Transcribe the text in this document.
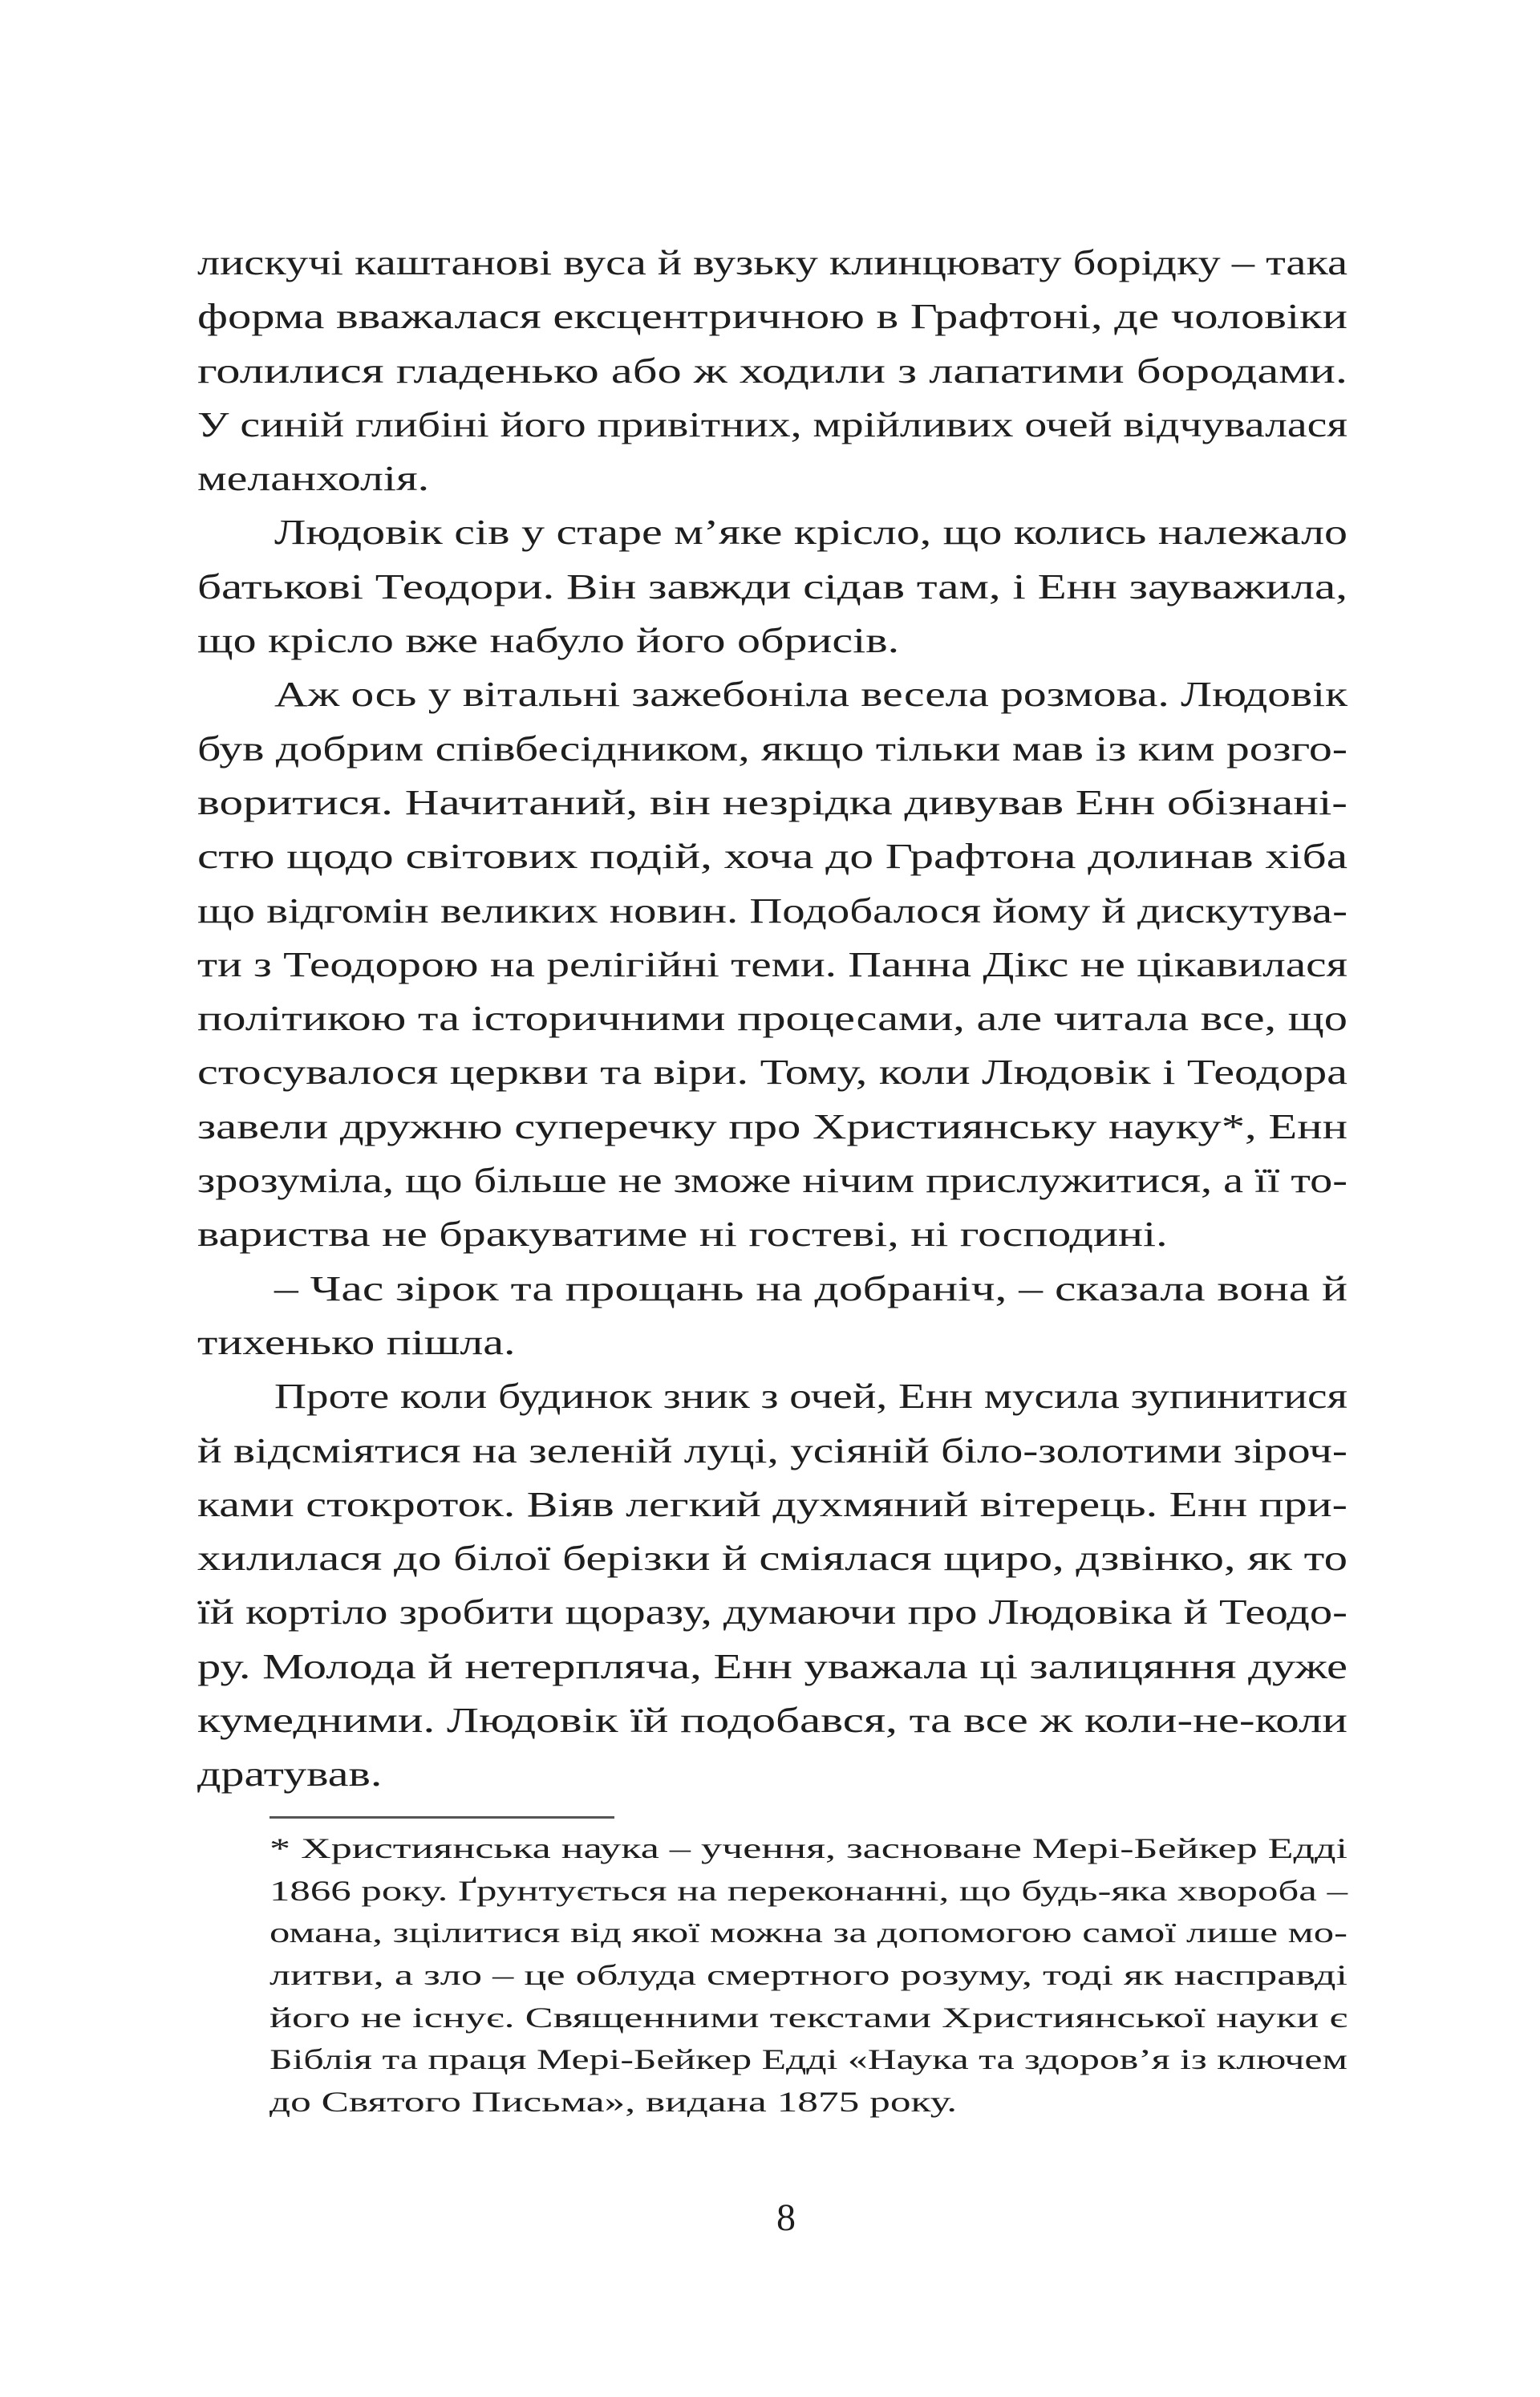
лискучі каштанові вуса й вузьку клинцювату борідку – така
форма вважалася ексцентричною в Графтоні, де чоловіки
голилися гладенько або ж ходили з лапатими бородами.
У синій глибіні його привітних, мрійливих очей відчувалася
меланхолія.
Людовік сів у старе м’яке крісло, що колись належало
батькові Теодори. Він завжди сідав там, і Енн зауважила,
що крісло вже набуло його обрисів.
Аж ось у вітальні зажебоніла весела розмова. Людовік
був добрим співбесідником, якщо тільки мав із ким розго-
воритися. Начитаний, він незрідка дивував Енн обізнані-
стю щодо світових подій, хоча до Графтона долинав хіба
що відгомін великих новин. Подобалося йому й дискутува-
ти з Теодорою на релігійні теми. Панна Дікс не цікавилася
політикою та історичними процесами, але читала все, що
стосувалося церкви та віри. Тому, коли Людовік і Теодора
завели дружню суперечку про Християнську науку*, Енн
зрозуміла, що більше не зможе нічим прислужитися, а її то-
вариства не бракуватиме ні гостеві, ні господині.
– Час зірок та прощань на добраніч, – сказала вона й
тихенько пішла.
Проте коли будинок зник з очей, Енн мусила зупинитися
й відсміятися на зеленій луці, усіяній біло-золотими зіроч-
ками стокроток. Віяв легкий духмяний вітерець. Енн при-
хилилася до білої берізки й сміялася щиро, дзвінко, як то
їй кортіло зробити щоразу, думаючи про Людовіка й Теодо-
ру. Молода й нетерпляча, Енн уважала ці залицяння дуже
кумедними. Людовік їй подобався, та все ж коли-не-коли
дратував.
* Християнська наука – учення, засноване Мері-Бейкер Едді
1866 року. Ґрунтується на переконанні, що будь-яка хвороба –
омана, зцілитися від якої можна за допомогою самої лише мо-
литви, а зло – це облуда смертного розуму, тоді як насправді
його не існує. Священними текстами Християнської науки є
Біблія та праця Мері-Бейкер Едді «Наука та здоров’я із ключем
до Святого Письма», видана 1875 року.
8
